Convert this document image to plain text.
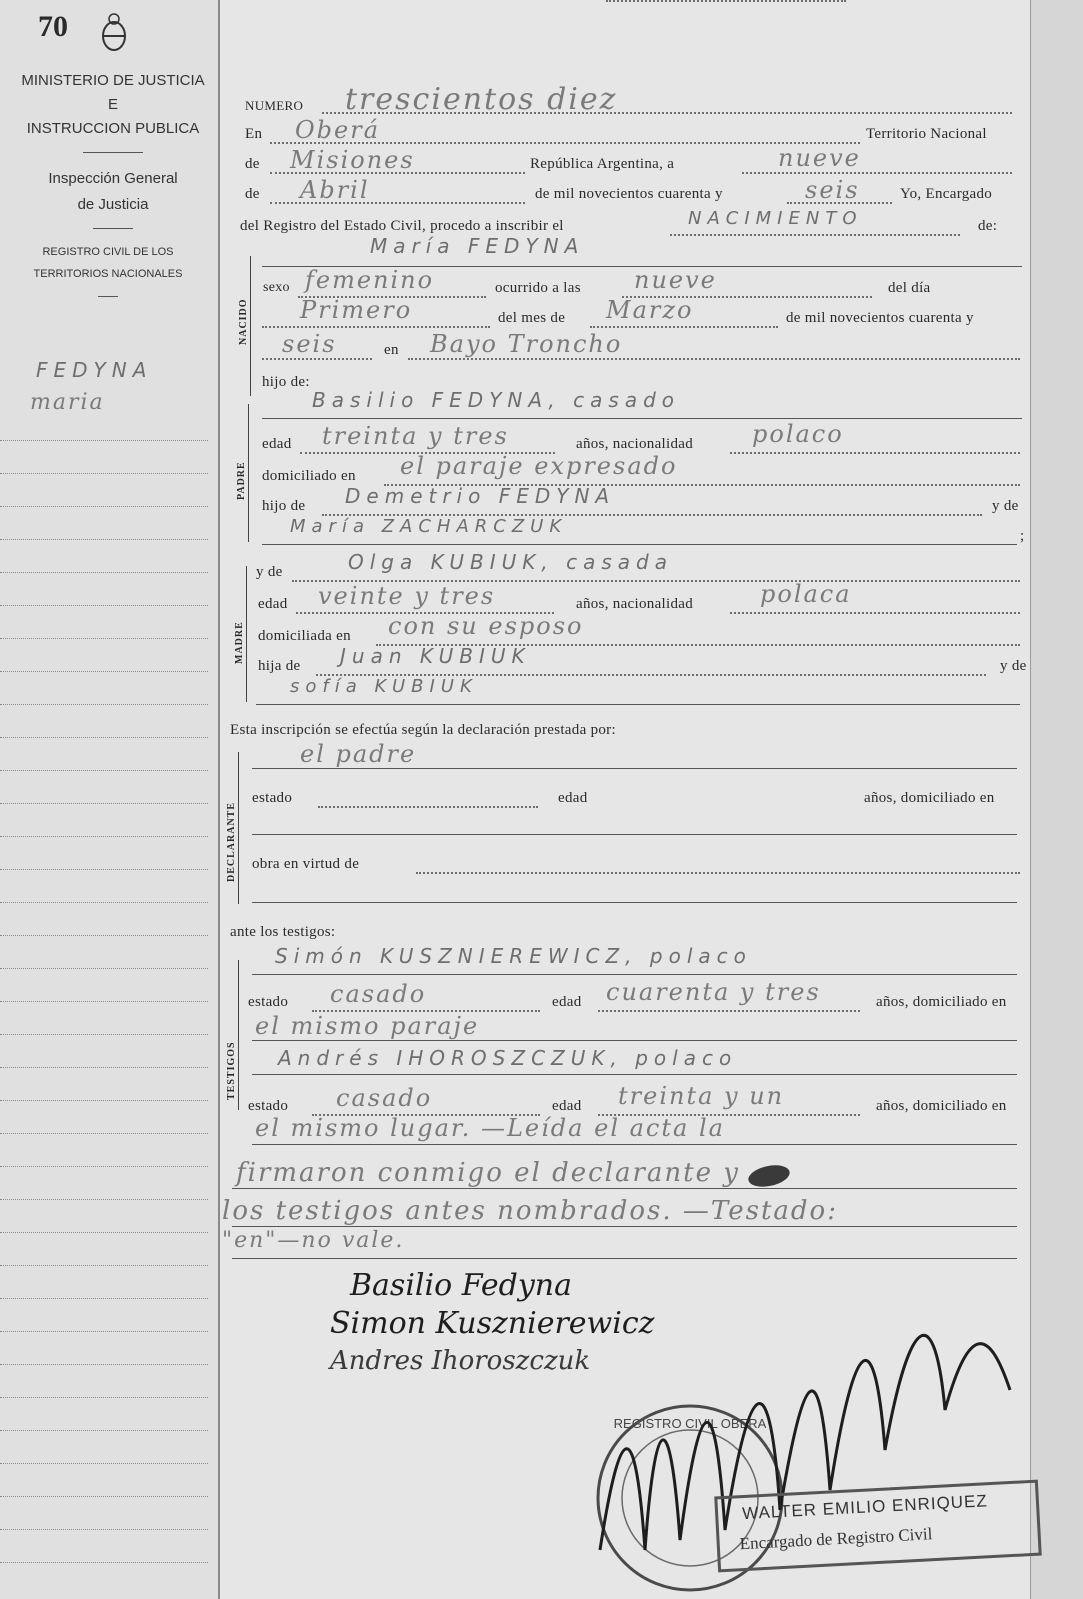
70
MINISTERIO DE JUSTICIA
E
INSTRUCCION PUBLICA
Inspección General
de Justicia
REGISTRO CIVIL DE LOS
TERRITORIOS NACIONALES
FEDYNA
maria
NUMERO trescientos diez
En Oberá	Territorio Nacional
de Misiones	República Argentina, a	nueve
de Abril	de mil novecientos cuarenta y	seis	Yo, Encargado
del Registro del Estado Civil, procedo a inscribir el	NACIMIENTO	de:
María FEDYNA
NACIDO
sexo femenino	ocurrido a las nueve	del día
Primero	del mes de Marzo	de mil novecientos cuarenta y
seis	en Bayo Troncho
hijo de:
PADRE
Basilio FEDYNA, casado
edad treinta y tres	años, nacionalidad polaco
domiciliado en el paraje expresado
hijo de Demetrio FEDYNA	y de
María ZACHARCZUK	;
MADRE
y de	Olga KUBIUK, casada
edad veinte y tres	años, nacionalidad	polaca
domiciliada en con su esposo
hija de Juan KUBIUK	y de
sofía KUBIUK
Esta inscripción se efectúa según la declaración prestada por:
DECLARANTE
el padre
estado	edad	años, domiciliado en
obra en virtud de
ante los testigos:
TESTIGOS
Simón KUSZNIEREWICZ, polaco
estado casado	edad cuarenta y tres	años, domiciliado en
el mismo paraje
Andrés IHOROSZCZUK, polaco
estado casado	edad treinta y un	años, domiciliado en
el mismo lugar. —Leída el acta la
firmaron conmigo el declarante y
los testigos antes nombrados. —Testado:
"en"—no vale.
Basilio Fedyna
Simon Kusznierewicz
Andres Ihoroszczuk
REGISTRO CIVIL OBERA
WALTER EMILIO ENRIQUEZ
Encargado de Registro Civil
